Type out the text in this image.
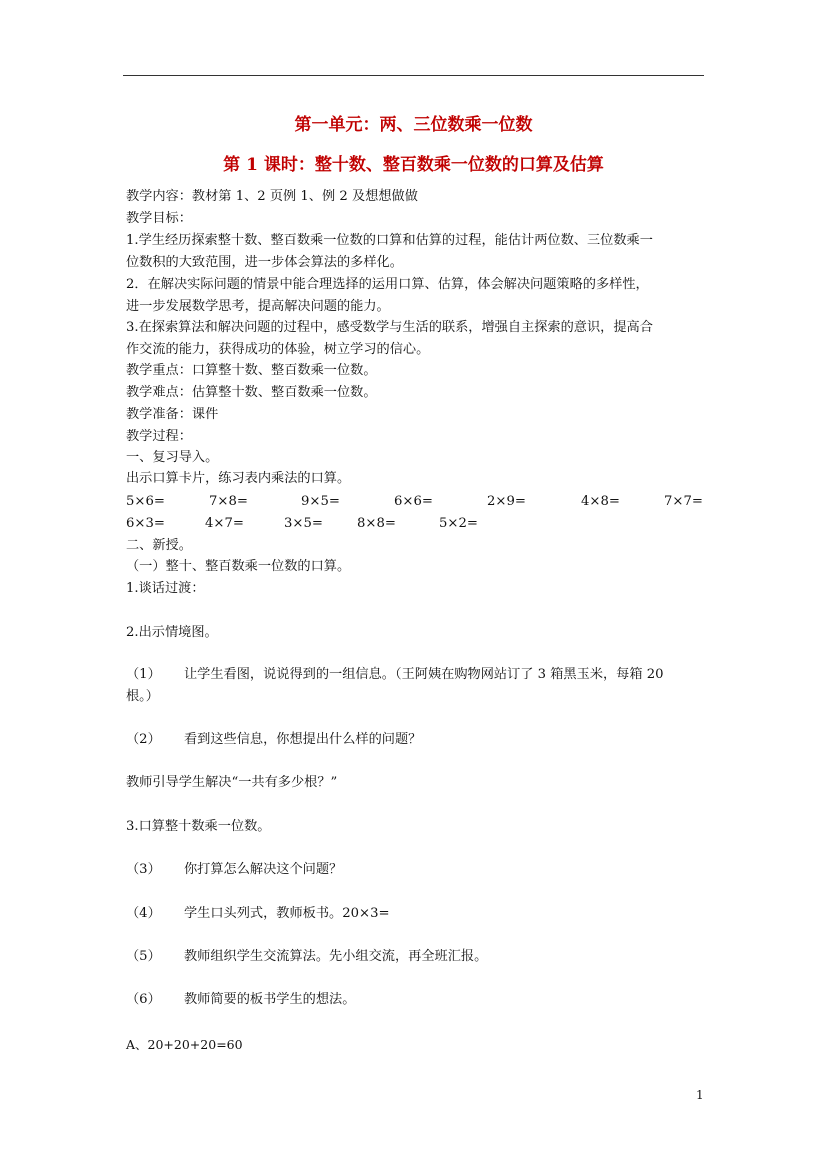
第一单元：两、三位数乘一位数
第 1 课时：整十数、整百数乘一位数的口算及估算
教学内容：教材第 1、2 页例 1、例 2 及想想做做
教学目标：
1.学生经历探索整十数、整百数乘一位数的口算和估算的过程，能估计两位数、三位数乘一
位数积的大致范围，进一步体会算法的多样化。
2．在解决实际问题的情景中能合理选择的运用口算、估算，体会解决问题策略的多样性，
进一步发展数学思考，提高解决问题的能力。
3.在探索算法和解决问题的过程中，感受数学与生活的联系，增强自主探索的意识，提高合
作交流的能力，获得成功的体验，树立学习的信心。
教学重点：口算整十数、整百数乘一位数。
教学难点：估算整十数、整百数乘一位数。
教学准备：课件
教学过程：
一、复习导入。
出示口算卡片，练习表内乘法的口算。
5×6=	7×8=	9×5=	6×6=	2×9=	4×8=	7×7=
6×3=	4×7=	3×5=	8×8=	5×2=
二、新授。
（一）整十、整百数乘一位数的口算。
1.谈话过渡：
2.出示情境图。
（1） 让学生看图，说说得到的一组信息。（王阿姨在购物网站订了 3 箱黑玉米，每箱 20
根。）
（2） 看到这些信息，你想提出什么样的问题？
教师引导学生解决“一共有多少根？”
3.口算整十数乘一位数。
（3） 你打算怎么解决这个问题？
（4） 学生口头列式，教师板书。20×3=
（5） 教师组织学生交流算法。先小组交流，再全班汇报。
（6） 教师简要的板书学生的想法。
A、20+20+20=60
1
